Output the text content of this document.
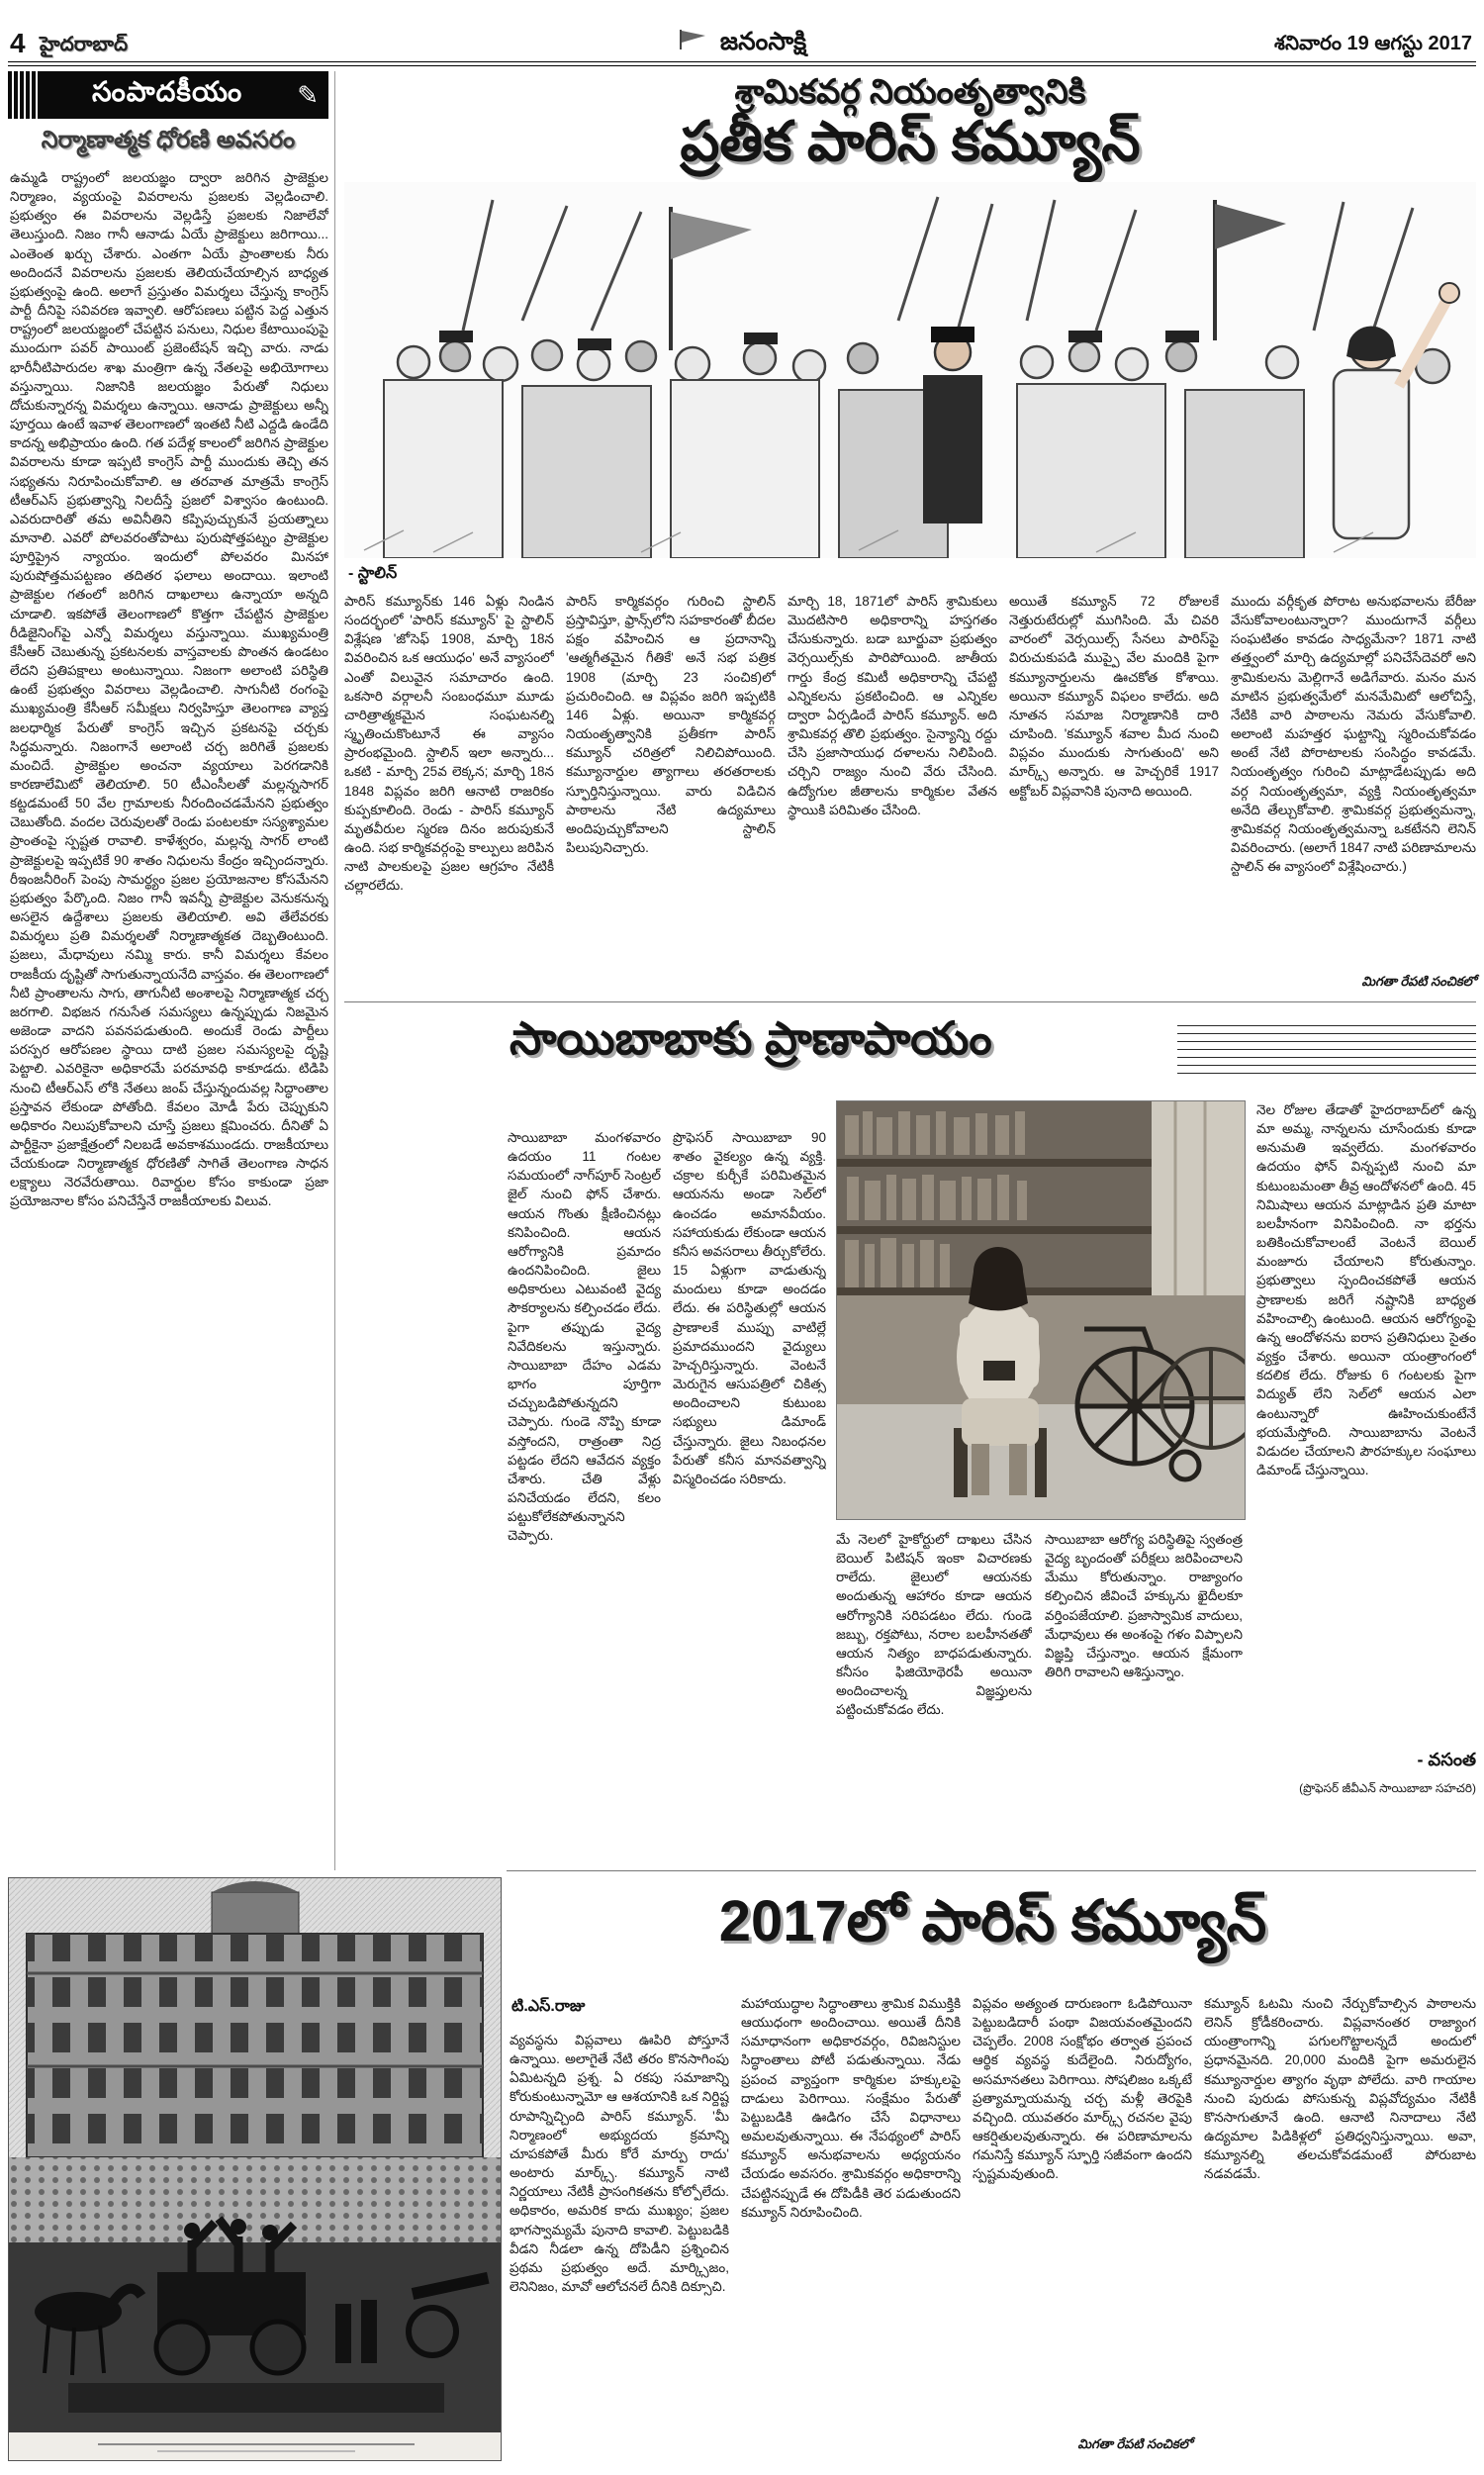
4 హైదరాబాద్	జనంసాక్షి	శనివారం 19 ఆగస్టు 2017
సంపాదకీయం	✎
నిర్మాణాత్మక ధోరణి అవసరం
ఉమ్మడి రాష్ట్రంలో జలయజ్ఞం ద్వారా జరిగిన ప్రాజెక్టుల నిర్మాణం, వ్యయంపై వివరాలను ప్రజలకు వెల్లడించాలి. ప్రభుత్వం ఈ వివరాలను వెల్లడిస్తే ప్రజలకు నిజాలేవో తెలుస్తుంది. నిజం గానీ ఆనాడు ఏయే ప్రాజెక్టులు జరిగాయి... ఎంతెంత ఖర్చు చేశారు. ఎంతగా ఏయే ప్రాంతాలకు నీరు అందిందనే వివరాలను ప్రజలకు తెలియచేయాల్సిన బాధ్యత ప్రభుత్వంపై ఉంది. అలాగే ప్రస్తుతం విమర్శలు చేస్తున్న కాంగ్రెస్ పార్టీ దీనిపై సవివరణ ఇవ్వాలి. ఆరోపణలు పట్టిన పెద్ద ఎత్తున రాష్ట్రంలో జలయజ్ఞంలో చేపట్టిన పనులు, నిధుల కేటాయింపుపై ముందుగా పవర్ పాయింట్ ప్రజెంటేషన్ ఇచ్చి వారు. నాడు భారీనీటిపారుదల శాఖ మంత్రిగా ఉన్న నేతలపై అభియోగాలు వస్తున్నాయి. నిజానికి జలయజ్ఞం పేరుతో నిధులు దోచుకున్నారన్న విమర్శలు ఉన్నాయి. ఆనాడు ప్రాజెక్టులు అన్నీ పూర్తయి ఉంటే ఇవాళ తెలంగాణలో ఇంతటి నీటి ఎద్దడి ఉండేది కాదన్న అభిప్రాయం ఉంది. గత పదేళ్ల కాలంలో జరిగిన ప్రాజెక్టుల వివరాలను కూడా ఇప్పటి కాంగ్రెస్ పార్టీ ముందుకు తెచ్చి తన సభ్యతను నిరూపించుకోవాలి. ఆ తరవాత మాత్రమే కాంగ్రెస్ టీఆర్ఎస్ ప్రభుత్వాన్ని నిలదీస్తే ప్రజలో విశ్వాసం ఉంటుంది. ఎవరుదారితో తమ అవినీతిని కప్పిపుచ్చుకునే ప్రయత్నాలు మానాలి. ఎవరో పోలవరంతోపాటు పురుషోత్తపట్నం ప్రాజెక్టుల పూర్తిప్రైన న్యాయం. ఇందులో పోలవరం మినహా పురుషోత్తమపట్టణం తదితర ఫలాలు అందాయి. ఇలాంటి ప్రాజెక్టుల గతంలో జరిగిన దాఖలాలు ఉన్నాయా అన్నది చూడాలి. ఇకపోతే తెలంగాణలో కొత్తగా చేపట్టిన ప్రాజెక్టుల రీడిజైనింగ్‌పై ఎన్నో విమర్శలు వస్తున్నాయి. ముఖ్యమంత్రి కేసీఆర్ చెబుతున్న ప్రకటనలకు వాస్తవాలకు పొంతన ఉండటం లేదని ప్రతిపక్షాలు అంటున్నాయి. నిజంగా అలాంటి పరిస్థితి ఉంటే ప్రభుత్వం వివరాలు వెల్లడించాలి. సాగునీటి రంగంపై ముఖ్యమంత్రి కేసీఆర్ సమీక్షలు నిర్వహిస్తూ తెలంగాణ వ్యాప్త జలధార్మిక పేరుతో కాంగ్రెస్ ఇచ్చిన ప్రకటనపై చర్చకు సిద్ధమన్నారు. నిజంగానే అలాంటి చర్చ జరిగితే ప్రజలకు మంచిదే. ప్రాజెక్టుల అంచనా వ్యయాలు పెరగడానికి కారణాలేమిటో తెలియాలి. 50 టీఎంసీలతో మల్లన్నసాగర్ కట్టడమంటే 50 వేల గ్రామాలకు నీరందించడమేనని ప్రభుత్వం చెబుతోంది. వందల చెరువులతో రెండు పంటలకూ సస్యశ్యామల ప్రాంతంపై స్పష్టత రావాలి. కాళేశ్వరం, మల్లన్న సాగర్ లాంటి ప్రాజెక్టులపై ఇప్పటికే 90 శాతం నిధులను కేంద్రం ఇచ్చిందన్నారు. రీఇంజనీరింగ్ పెంపు సామర్థ్యం ప్రజల ప్రయోజనాల కోసమేనని ప్రభుత్వం పేర్కొంది. నిజం గానీ ఇవన్నీ ప్రాజెక్టుల వెనుకనున్న అసలైన ఉద్దేశాలు ప్రజలకు తెలియాలి. అవి తేలేవరకు విమర్శలు ప్రతి విమర్శలతో నిర్మాణాత్మకత దెబ్బతింటుంది. ప్రజలు, మేధావులు నమ్మి కారు. కానీ విమర్శలు కేవలం రాజకీయ దృష్టితో సాగుతున్నాయనేది వాస్తవం. ఈ తెలంగాణలో నీటి ప్రాంతాలను సాగు, తాగునీటి అంశాలపై నిర్మాణాత్మక చర్చ జరగాలి. విభజన గనుసేత సమస్యలు ఉన్నప్పుడు నిజమైన అజెండా వాదని పవనపడుతుంది. అందుకే రెండు పార్టీలు పరస్పర ఆరోపణల స్థాయి దాటి ప్రజల సమస్యలపై దృష్టి పెట్టాలి. ఎవరికైనా అధికారమే పరమావధి కాకూడదు. టిడిపి నుంచి టీఆర్ఎస్ లోకి నేతలు జంప్ చేస్తున్నందువల్ల సిద్ధాంతాల ప్రస్తావన లేకుండా పోతోంది. కేవలం మోడీ పేరు చెప్పుకుని అధికారం నిలుపుకోవాలని చూస్తే ప్రజలు క్షమించరు. దీనితో ఏ పార్టీకైనా ప్రజాక్షేత్రంలో నిలబడే అవకాశముండదు. రాజకీయాలు చేయకుండా నిర్మాణాత్మక ధోరణితో సాగితే తెలంగాణ సాధన లక్ష్యాలు నెరవేరుతాయి. రివార్డుల కోసం కాకుండా ప్రజా ప్రయోజనాల కోసం పనిచేస్తేనే రాజకీయాలకు విలువ.
శ్రామికవర్గ నియంతృత్వానికి
ప్రతీక పారిస్ కమ్యూన్
- స్టాలిన్
పారిస్ కమ్యూన్‌కు 146 ఏళ్లు నిండిన సందర్భంలో 'పారిస్ కమ్యూన్' పై స్టాలిన్ విశ్లేషణ 'జోసెఫ్ 1908, మార్చి 18న వివరించిన ఒక ఆయుధం' అనే వ్యాసంలో ఎంతో విలువైన సమాచారం ఉంది. ఒకసారి వర్గాలనీ సంబంధమూ మూడు చారిత్రాత్మకమైన సంఘటనల్ని స్మృతించుకొంటూనే ఈ వ్యాసం ప్రారంభమైంది. స్టాలిన్ ఇలా అన్నారు... ఒకటి - మార్చి 25వ లెక్కన; మార్చి 18న 1848 విప్లవం జరిగి ఆనాటి రాజరికం కుప్పకూలింది. రెండు - పారిస్ కమ్యూన్ మృతవీరుల స్మరణ దినం జరుపుకునే ఉంది. సభ కార్మికవర్గంపై కాల్పులు జరిపిన నాటి పాలకులపై ప్రజల ఆగ్రహం నేటికీ చల్లారలేదు.
పారిస్ కార్మికవర్గం గురించి స్టాలిన్ ప్రస్తావిస్తూ, ఫ్రాన్స్‌లోని సహకారంతో బీదల పక్షం వహించిన ఆ ప్రదానాన్ని 'ఆత్మగీతమైన గీతికే' అనే సభ పత్రిక 1908 (మార్చి 23 సంచిక)లో ప్రచురించింది. ఆ విప్లవం జరిగి ఇప్పటికి 146 ఏళ్లు. అయినా కార్మికవర్గ నియంతృత్వానికి ప్రతీకగా పారిస్ కమ్యూన్ చరిత్రలో నిలిచిపోయింది. కమ్యూనార్డుల త్యాగాలు తరతరాలకు స్ఫూర్తినిస్తున్నాయి. వారు విడిచిన పాఠాలను నేటి ఉద్యమాలు అందిపుచ్చుకోవాలని స్టాలిన్ పిలుపునిచ్చారు.
మార్చి 18, 1871లో పారిస్ శ్రామికులు మొదటిసారి అధికారాన్ని హస్తగతం చేసుకున్నారు. బడా బూర్జువా ప్రభుత్వం వెర్సయిల్స్‌కు పారిపోయింది. జాతీయ గార్డు కేంద్ర కమిటీ అధికారాన్ని చేపట్టి ఎన్నికలను ప్రకటించింది. ఆ ఎన్నికల ద్వారా ఏర్పడిందే పారిస్ కమ్యూన్. అది శ్రామికవర్గ తొలి ప్రభుత్వం. సైన్యాన్ని రద్దు చేసి ప్రజాసాయుధ దళాలను నిలిపింది. చర్చిని రాజ్యం నుంచి వేరు చేసింది. ఉద్యోగుల జీతాలను కార్మికుల వేతన స్థాయికి పరిమితం చేసింది.
అయితే కమ్యూన్ 72 రోజులకే నెత్తురుటేరుల్లో ముగిసింది. మే చివరి వారంలో వెర్సయిల్స్ సేనలు పారిస్‌పై విరుచుకుపడి ముప్పై వేల మందికి పైగా కమ్యూనార్డులను ఊచకోత కోశాయి. అయినా కమ్యూన్ విఫలం కాలేదు. అది నూతన సమాజ నిర్మాణానికి దారి చూపింది. 'కమ్యూన్ శవాల మీద నుంచి విప్లవం ముందుకు సాగుతుంది' అని మార్క్స్ అన్నారు. ఆ హెచ్చరికే 1917 అక్టోబర్ విప్లవానికి పునాది అయింది.
ముందు వర్గీకృత పోరాట అనుభవాలను బేరీజు వేసుకోవాలంటున్నారా? ముందుగానే వర్గీలు సంఘటితం కావడం సాధ్యమేనా? 1871 నాటి తత్త్వంలో మార్చి ఉద్యమాల్లో పనిచేసేదెవరో అని శ్రామికులను మెల్లిగానే అడిగేవారు. మనం మన మాటిన ప్రభుత్వమేలో మనమేమిటో ఆలోచిస్తే, నేటికి వారి పాఠాలను నెమరు వేసుకోవాలి. అలాంటి మహత్తర ఘట్టాన్ని స్మరించుకోవడం అంటే నేటి పోరాటాలకు సంసిద్ధం కావడమే. నియంతృత్వం గురించి మాట్లాడేటప్పుడు అది వర్గ నియంతృత్వమా, వ్యక్తి నియంతృత్వమా అనేది తేల్చుకోవాలి. శ్రామికవర్గ ప్రభుత్వమన్నా, శ్రామికవర్గ నియంతృత్వమన్నా ఒకటేనని లెనిన్ వివరించారు. (అలాగే 1847 నాటి పరిణామాలను స్టాలిన్ ఈ వ్యాసంలో విశ్లేషించారు.)
మిగతా రేపటి సంచికలో
సాయిబాబాకు ప్రాణాపాయం
సాయిబాబా మంగళవారం ఉదయం 11 గంటల సమయంలో నాగ్‌పూర్ సెంట్రల్ జైల్ నుంచి ఫోన్ చేశారు. ఆయన గొంతు క్షీణించినట్లు కనిపించింది. ఆయన ఆరోగ్యానికి ప్రమాదం ఉందనిపించింది. జైలు అధికారులు ఎటువంటి వైద్య సౌకర్యాలను కల్పించడం లేదు. పైగా తప్పుడు వైద్య నివేదికలను ఇస్తున్నారు. సాయిబాబా దేహం ఎడమ భాగం పూర్తిగా చచ్చుబడిపోతున్నదని చెప్పారు. గుండె నొప్పి కూడా వస్తోందని, రాత్రంతా నిద్ర పట్టడం లేదని ఆవేదన వ్యక్తం చేశారు. చేతి వేళ్లు పనిచేయడం లేదని, కలం పట్టుకోలేకపోతున్నానని చెప్పారు.
ప్రొఫెసర్ సాయిబాబా 90 శాతం వైకల్యం ఉన్న వ్యక్తి. చక్రాల కుర్చీకే పరిమితమైన ఆయనను అండా సెల్‌లో ఉంచడం అమానవీయం. సహాయకుడు లేకుండా ఆయన కనీస అవసరాలు తీర్చుకోలేరు. 15 ఏళ్లుగా వాడుతున్న మందులు కూడా అందడం లేదు. ఈ పరిస్థితుల్లో ఆయన ప్రాణాలకే ముప్పు వాటిల్లే ప్రమాదముందని వైద్యులు హెచ్చరిస్తున్నారు. వెంటనే మెరుగైన ఆసుపత్రిలో చికిత్స అందించాలని కుటుంబ సభ్యులు డిమాండ్ చేస్తున్నారు. జైలు నిబంధనల పేరుతో కనీస మానవత్వాన్ని విస్మరించడం సరికాదు.
నెల రోజుల తేడాతో హైదరాబాద్‌లో ఉన్న మా అమ్మ, నాన్నలను చూసేందుకు కూడా అనుమతి ఇవ్వలేదు. మంగళవారం ఉదయం ఫోన్ విన్నప్పటి నుంచి మా కుటుంబమంతా తీవ్ర ఆందోళనలో ఉంది. 45 నిమిషాలు ఆయన మాట్లాడిన ప్రతి మాటా బలహీనంగా వినిపించింది. నా భర్తను బతికించుకోవాలంటే వెంటనే బెయిల్ మంజూరు చేయాలని కోరుతున్నాం. ప్రభుత్వాలు స్పందించకపోతే ఆయన ప్రాణాలకు జరిగే నష్టానికి బాధ్యత వహించాల్సి ఉంటుంది. ఆయన ఆరోగ్యంపై ఉన్న ఆందోళనను ఐరాస ప్రతినిధులు సైతం వ్యక్తం చేశారు. అయినా యంత్రాంగంలో కదలిక లేదు. రోజుకు 6 గంటలకు పైగా విద్యుత్ లేని సెల్‌లో ఆయన ఎలా ఉంటున్నారో ఊహించుకుంటేనే భయమేస్తోంది. సాయిబాబాను వెంటనే విడుదల చేయాలని పౌరహక్కుల సంఘాలు డిమాండ్ చేస్తున్నాయి.
మే నెలలో హైకోర్టులో దాఖలు చేసిన బెయిల్ పిటిషన్ ఇంకా విచారణకు రాలేదు. జైలులో ఆయనకు అందుతున్న ఆహారం కూడా ఆయన ఆరోగ్యానికి సరిపడటం లేదు. గుండె జబ్బు, రక్తపోటు, నరాల బలహీనతతో ఆయన నిత్యం బాధపడుతున్నారు. కనీసం ఫిజియోథెరపీ అయినా అందించాలన్న విజ్ఞప్తులను పట్టించుకోవడం లేదు.
సాయిబాబా ఆరోగ్య పరిస్థితిపై స్వతంత్ర వైద్య బృందంతో పరీక్షలు జరిపించాలని మేము కోరుతున్నాం. రాజ్యాంగం కల్పించిన జీవించే హక్కును ఖైదీలకూ వర్తింపజేయాలి. ప్రజాస్వామిక వాదులు, మేధావులు ఈ అంశంపై గళం విప్పాలని విజ్ఞప్తి చేస్తున్నాం. ఆయన క్షేమంగా తిరిగి రావాలని ఆశిస్తున్నాం.
- వసంత
(ప్రొఫెసర్ జీవీఎన్ సాయిబాబా సహచరి)
2017లో పారిస్ కమ్యూన్
టి.ఎస్.రాజు
వ్యవస్థను విప్లవాలు ఊపిరి పోస్తూనే ఉన్నాయి. అలాగైతే నేటి తరం కొనసాగింపు ఏమిటన్నది ప్రశ్న. ఏ రకపు సమాజాన్ని కోరుకుంటున్నామో ఆ ఆశయానికి ఒక నిర్దిష్ట రూపాన్నిచ్చింది పారిస్ కమ్యూన్. 'మీ నిర్మాణంలో అభ్యుదయ క్రమాన్ని చూపకపోతే మీరు కోరే మార్పు రాదు' అంటారు మార్క్స్. కమ్యూన్ నాటి నిర్ణయాలు నేటికీ ప్రాసంగికతను కోల్పోలేదు. అధికారం, అమరిక కాదు ముఖ్యం; ప్రజల భాగస్వామ్యమే పునాది కావాలి. పెట్టుబడికి వీడని నీడలా ఉన్న దోపిడీని ప్రశ్నించిన ప్రథమ ప్రభుత్వం అదే. మార్క్సిజం, లెనినిజం, మావో ఆలోచనలే దీనికి దిక్సూచి.
మహాయుద్ధాల సిద్ధాంతాలు శ్రామిక విముక్తికి ఆయుధంగా అందించాయి. అయితే దీనికి సమాధానంగా అధికారవర్గం, రివిజనిస్టుల సిద్ధాంతాలు పోటీ పడుతున్నాయి. నేడు ప్రపంచ వ్యాప్తంగా కార్మికుల హక్కులపై దాడులు పెరిగాయి. సంక్షేమం పేరుతో పెట్టుబడికి ఊడిగం చేసే విధానాలు అమలవుతున్నాయి. ఈ నేపథ్యంలో పారిస్ కమ్యూన్ అనుభవాలను అధ్యయనం చేయడం అవసరం. శ్రామికవర్గం అధికారాన్ని చేపట్టినప్పుడే ఈ దోపిడీకి తెర పడుతుందని కమ్యూన్ నిరూపించింది.
విప్లవం అత్యంత దారుణంగా ఓడిపోయినా పెట్టుబడిదారీ పంథా విజయవంతమైందని చెప్పలేం. 2008 సంక్షోభం తర్వాత ప్రపంచ ఆర్థిక వ్యవస్థ కుదేలైంది. నిరుద్యోగం, అసమానతలు పెరిగాయి. సోషలిజం ఒక్కటే ప్రత్యామ్నాయమన్న చర్చ మళ్లీ తెరపైకి వచ్చింది. యువతరం మార్క్స్ రచనల వైపు ఆకర్షితులవుతున్నారు. ఈ పరిణామాలను గమనిస్తే కమ్యూన్ స్ఫూర్తి సజీవంగా ఉందని స్పష్టమవుతుంది.
కమ్యూన్ ఓటమి నుంచి నేర్చుకోవాల్సిన పాఠాలను లెనిన్ క్రోడీకరించారు. విప్లవానంతర రాజ్యాంగ యంత్రాంగాన్ని పగులగొట్టాలన్నదే అందులో ప్రధానమైనది. 20,000 మందికి పైగా అమరులైన కమ్యూనార్డుల త్యాగం వృథా పోలేదు. వారి గాయాల నుంచి పురుడు పోసుకున్న విప్లవోద్యమం నేటికీ కొనసాగుతూనే ఉంది. ఆనాటి నినాదాలు నేటి ఉద్యమాల పిడికిళ్లలో ప్రతిధ్వనిస్తున్నాయి. అవా, కమ్యూనల్ని తలచుకోవడమంటే పోరుబాట నడవడమే.
మిగతా రేపటి సంచికలో
